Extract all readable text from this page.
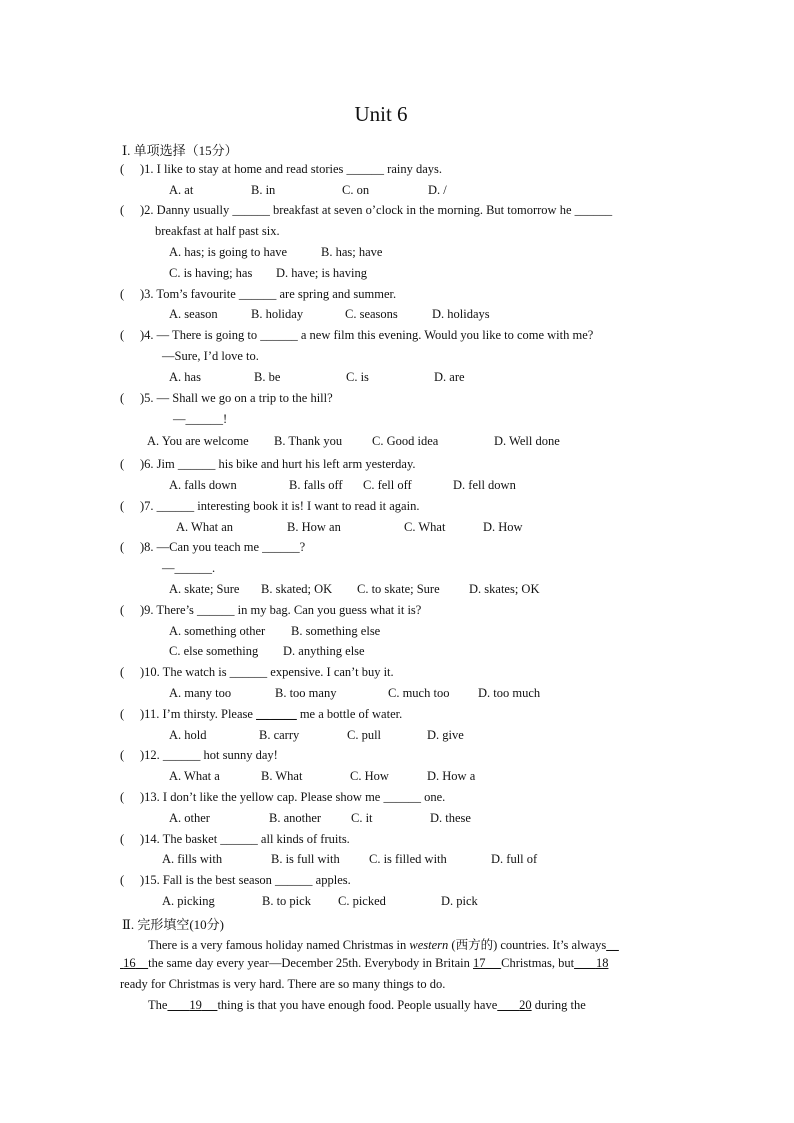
Unit 6
Ⅰ. 单项选择（15分）
( )1. I like to stay at home and read stories ______ rainy days.
A. at	B. in	C. on	D. /
( )2. Danny usually ______ breakfast at seven o’clock in the morning. But tomorrow he ______
breakfast at half past six.
A. has; is going to have	B. has; have
C. is having; has D. have; is having
( )3. Tom’s favourite ______ are spring and summer.
A. season	B. holiday	C. seasons	D. holidays
( )4. — There is going to ______ a new film this evening. Would you like to come with me?
—Sure, I’d love to.
A. has	B. be	C. is	D. are
( )5. — Shall we go on a trip to the hill?
—______!
A. You are welcome B. Thank you C. Good idea	D. Well done
( )6. Jim ______ his bike and hurt his left arm yesterday.
A. falls down	B. falls off C. fell off	D. fell down
( )7. ______ interesting book it is! I want to read it again.
A. What an	B. How an	C. What	D. How
( )8. —Can you teach me ______?
—______.
A. skate; Sure B. skated; OK C. to skate; Sure D. skates; OK
( )9. There’s ______ in my bag. Can you guess what it is?
A. something other B. something else
C. else something D. anything else
( )10. The watch is ______ expensive. I can’t buy it.
A. many too	B. too many	C. much too D. too much
( )11. I’m thirsty. Please __ ____ me a bottle of water.
A. hold	B. carry	C. pull	D. give
( )12. ______ hot sunny day!
A. What a	B. What	C. How	D. How a
( )13. I don’t like the yellow cap. Please show me ______ one.
A. other	B. another C. it	D. these
( )14. The basket ______ all kinds of fruits.
A. fills with	B. is full with C. is filled with	D. full of
( )15. Fall is the best season ______ apples.
A. picking	B. to pick C. picked	D. pick
Ⅱ. 完形填空(10分)
There is a very famous holiday named Christmas in western (西方的) countries. It’s always__
16 the same day every year—December 25th. Everybody in Britain 17 Christmas, but 18
ready for Christmas is very hard. There are so many things to do.
The 19 thing is that you have enough food. People usually have 20 during the
